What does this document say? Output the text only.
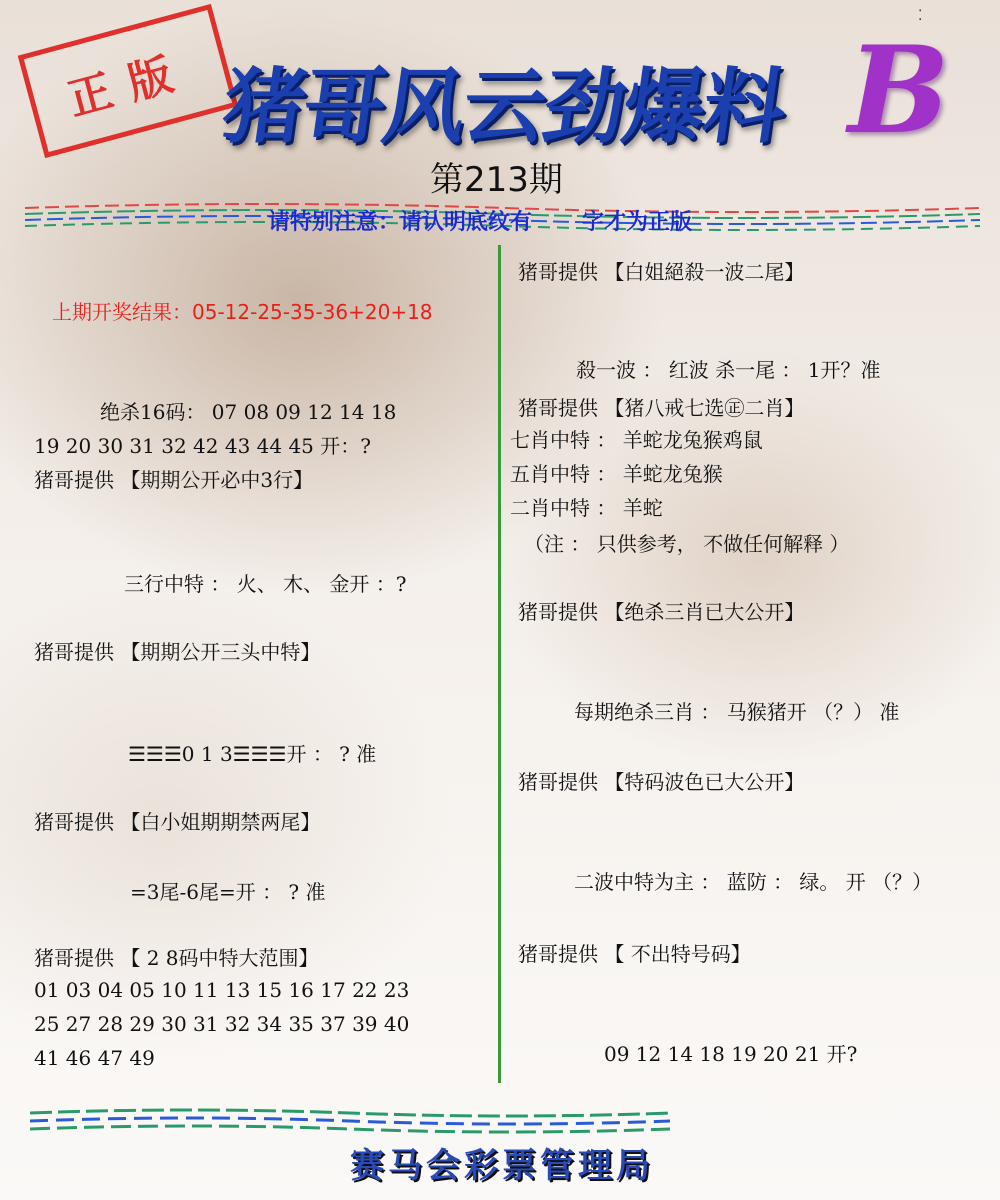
⁚
正版 猪哥风云劲爆料 B
第213期
请特别注意：请认明底纹有 字才为正版
上期开奖结果：05-12-25-35-36+20+18
绝杀16码： 07 08 09 12 14 18
19 20 30 31 32 42 43 44 45 开：?
猪哥提供 【期期公开必中3行】
三行中特 ： 火、 木、 金开 ：?
猪哥提供 【期期公开三头中特】
☰☰☰0 1 3☰☰☰开 ： ? 准
猪哥提供 【白小姐期期禁两尾】
=3尾-6尾=开 ： ? 准
猪哥提供 【 2 8码中特大范围】
01 03 04 05 10 11 13 15 16 17 22 23
25 27 28 29 30 31 32 34 35 37 39 40
41 46 47 49
猪哥提供 【白姐絕殺一波二尾】
殺一波 ： 红波 杀一尾 ： 1开？准
猪哥提供 【猪八戒七选㊣二肖】
七肖中特 ： 羊蛇龙兔猴鸡鼠
五肖中特 ： 羊蛇龙兔猴
二肖中特 ： 羊蛇
（注 ： 只供参考， 不做任何解释 ）
猪哥提供 【绝杀三肖已大公开】
每期绝杀三肖 ： 马猴猪开 （？） 准
猪哥提供 【特码波色已大公开】
二波中特为主 ： 蓝防 ： 绿。 开 （？）
猪哥提供 【 不出特号码】
09 12 14 18 19 20 21 开?
赛马会彩票管理局
